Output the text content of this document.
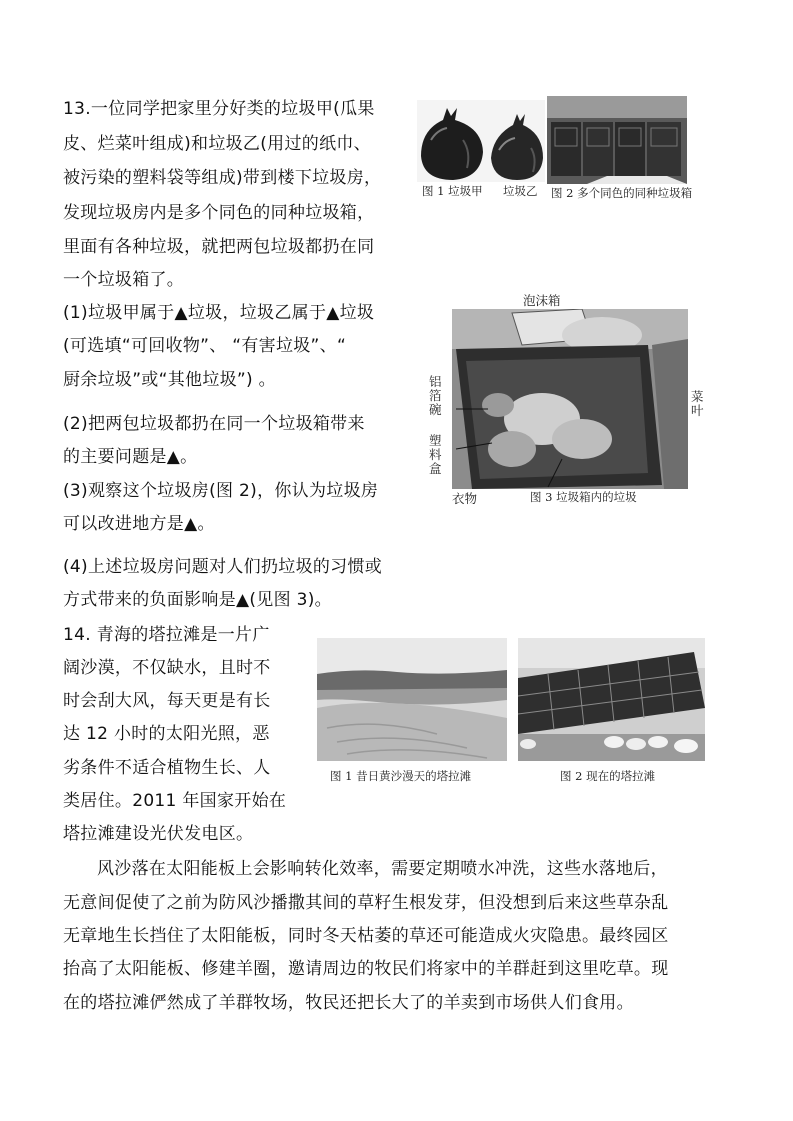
13.一位同学把家里分好类的垃圾甲(瓜果
皮、烂菜叶组成)和垃圾乙(用过的纸巾、
被污染的塑料袋等组成)带到楼下垃圾房，
发现垃圾房内是多个同色的同种垃圾箱，
里面有各种垃圾，就把两包垃圾都扔在同
一个垃圾箱了。
(1)垃圾甲属于▲垃圾，垃圾乙属于▲垃圾
(可选填“可回收物”、 “有害垃圾”、“
厨余垃圾”或“其他垃圾”) 。
(2)把两包垃圾都扔在同一个垃圾箱带来
的主要问题是▲。
(3)观察这个垃圾房(图 2)，你认为垃圾房
可以改进地方是▲。
(4)上述垃圾房问题对人们扔垃圾的习惯或
方式带来的负面影响是▲(见图 3)。
图 1 垃圾甲 垃圾乙 图 2 多个同色的同种垃圾箱
泡沫箱
铝箔碗
塑料盒
菜叶
衣物	图 3 垃圾箱内的垃圾
14. 青海的塔拉滩是一片广
阔沙漠，不仅缺水，且时不
时会刮大风，每天更是有长
达 12 小时的太阳光照，恶
劣条件不适合植物生长、人
类居住。2011 年国家开始在
塔拉滩建设光伏发电区。
图 1 昔日黄沙漫天的塔拉滩	图 2 现在的塔拉滩
风沙落在太阳能板上会影响转化效率，需要定期喷水冲洗，这些水落地后，
无意间促使了之前为防风沙播撒其间的草籽生根发芽，但没想到后来这些草杂乱
无章地生长挡住了太阳能板，同时冬天枯萎的草还可能造成火灾隐患。最终园区
抬高了太阳能板、修建羊圈，邀请周边的牧民们将家中的羊群赶到这里吃草。现
在的塔拉滩俨然成了羊群牧场，牧民还把长大了的羊卖到市场供人们食用。
